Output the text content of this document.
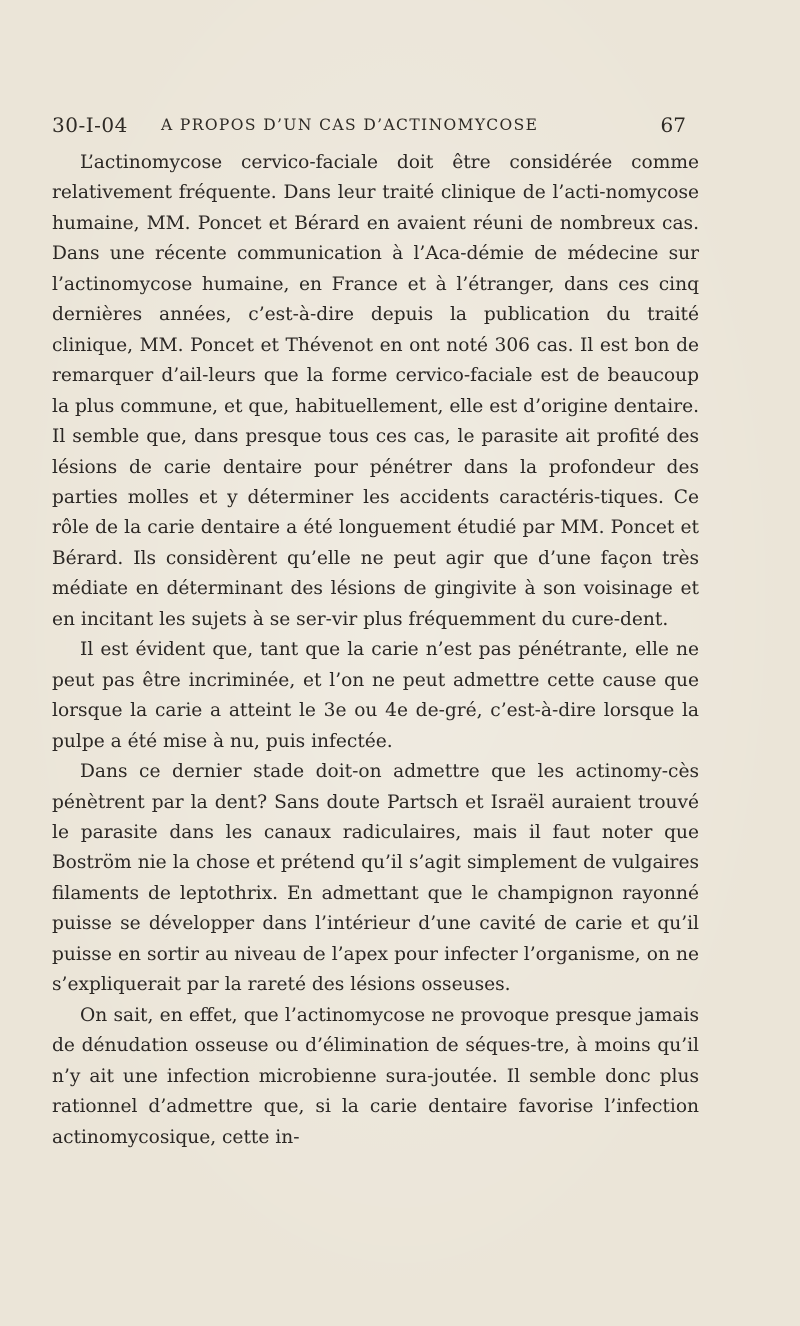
30-I-04 A PROPOS D’UN CAS D’ACTINOMYCOSE	67

L’actinomycose cervico-faciale doit être considérée comme relativement fréquente. Dans leur traité clinique de l’acti-nomycose humaine, MM. Poncet et Bérard en avaient réuni de nombreux cas. Dans une récente communication à l’Aca-démie de médecine sur l’actinomycose humaine, en France et à l’étranger, dans ces cinq dernières années, c’est-à-dire depuis la publication du traité clinique, MM. Poncet et Thévenot en ont noté 306 cas. Il est bon de remarquer d’ail-leurs que la forme cervico-faciale est de beaucoup la plus commune, et que, habituellement, elle est d’origine dentaire. Il semble que, dans presque tous ces cas, le parasite ait profité des lésions de carie dentaire pour pénétrer dans la profondeur des parties molles et y déterminer les accidents caractéris-tiques. Ce rôle de la carie dentaire a été longuement étudié par MM. Poncet et Bérard. Ils considèrent qu’elle ne peut agir que d’une façon très médiate en déterminant des lésions de gingivite à son voisinage et en incitant les sujets à se ser-vir plus fréquemment du cure-dent.

Il est évident que, tant que la carie n’est pas pénétrante, elle ne peut pas être incriminée, et l’on ne peut admettre cette cause que lorsque la carie a atteint le 3e ou 4e de-gré, c’est-à-dire lorsque la pulpe a été mise à nu, puis infectée.

Dans ce dernier stade doit-on admettre que les actinomy-cès pénètrent par la dent? Sans doute Partsch et Israël auraient trouvé le parasite dans les canaux radiculaires, mais il faut noter que Boström nie la chose et prétend qu’il s’agit simplement de vulgaires filaments de leptothrix. En admettant que le champignon rayonné puisse se développer dans l’intérieur d’une cavité de carie et qu’il puisse en sortir au niveau de l’apex pour infecter l’organisme, on ne s’expliquerait par la rareté des lésions osseuses.

On sait, en effet, que l’actinomycose ne provoque presque jamais de dénudation osseuse ou d’élimination de séques-tre, à moins qu’il n’y ait une infection microbienne sura-joutée. Il semble donc plus rationnel d’admettre que, si la carie dentaire favorise l’infection actinomycosique, cette in-
